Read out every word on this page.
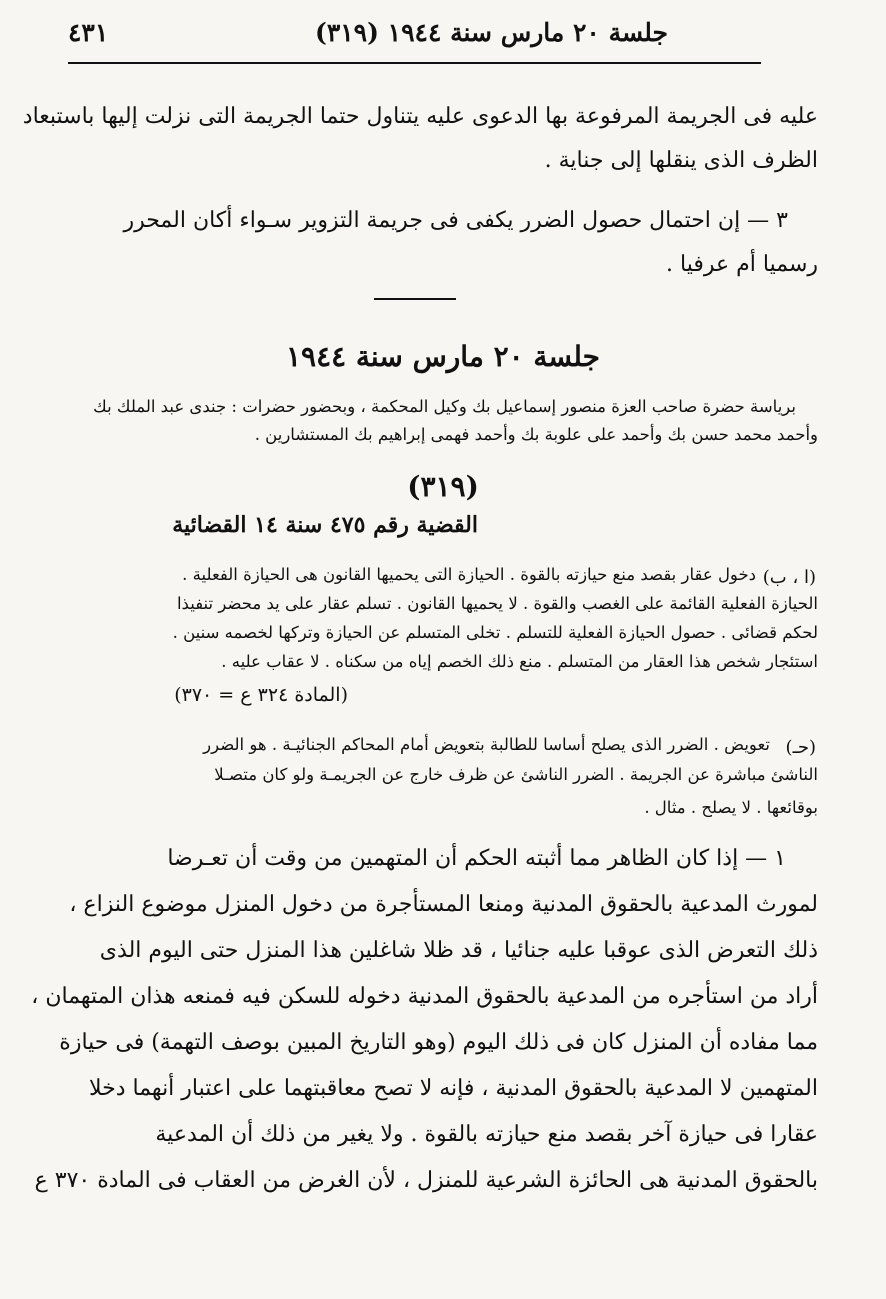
جلسة ٢٠ مارس سنة ١٩٤٤ (٣١٩)
٤٣١
عليه فى الجريمة المرفوعة بها الدعوى عليه يتناول حتما الجريمة التى نزلت إليها باستبعاد
الظرف الذى ينقلها إلى جناية .
٣ — إن احتمال حصول الضرر يكفى فى جريمة التزوير سـواء أكان المحرر
رسميا أم عرفيا .
جلسة ٢٠ مارس سنة ١٩٤٤
برياسة حضرة صاحب العزة منصور إسماعيل بك وكيل المحكمة ، وبحضور حضرات : جندى عبد الملك بك
وأحمد محمد حسن بك وأحمد على علوبة بك وأحمد فهمى إبراهيم بك المستشارين .
(٣١٩)
القضية رقم ٤٧٥ سنة ١٤ القضائية
(ا ، ب)
دخول عقار بقصد منع حيازته بالقوة . الحيازة التى يحميها القانون هى الحيازة الفعلية .
الحيازة الفعلية القائمة على الغصب والقوة . لا يحميها القانون . تسلم عقار على يد محضر تنفيذا
لحكم قضائى . حصول الحيازة الفعلية للتسلم . تخلى المتسلم عن الحيازة وتركها لخصمه سنين .
استئجار شخص هذا العقار من المتسلم . منع ذلك الخصم إياه من سكناه . لا عقاب عليه .
(المادة ٣٢٤ ع = ٣٧٠)
(حـ)
تعويض . الضرر الذى يصلح أساسا للطالبة بتعويض أمام المحاكم الجنائيـة . هو الضرر
الناشئ مباشرة عن الجريمة . الضرر الناشئ عن ظرف خارج عن الجريمـة ولو كان متصـلا
بوقائعها . لا يصلح . مثال .
١ — إذا كان الظاهر مما أثبته الحكم أن المتهمين من وقت أن تعـرضا
لمورث المدعية بالحقوق المدنية ومنعا المستأجرة من دخول المنزل موضوع النزاع ،
ذلك التعرض الذى عوقبا عليه جنائيا ، قد ظلا شاغلين هذا المنزل حتى اليوم الذى
أراد من استأجره من المدعية بالحقوق المدنية دخوله للسكن فيه فمنعه هذان المتهمان ،
مما مفاده أن المنزل كان فى ذلك اليوم (وهو التاريخ المبين بوصف التهمة) فى حيازة
المتهمين لا المدعية بالحقوق المدنية ، فإنه لا تصح معاقبتهما على اعتبار أنهما دخلا
عقارا فى حيازة آخر بقصد منع حيازته بالقوة . ولا يغير من ذلك أن المدعية
بالحقوق المدنية هى الحائزة الشرعية للمنزل ، لأن الغرض من العقاب فى المادة ٣٧٠ ع
